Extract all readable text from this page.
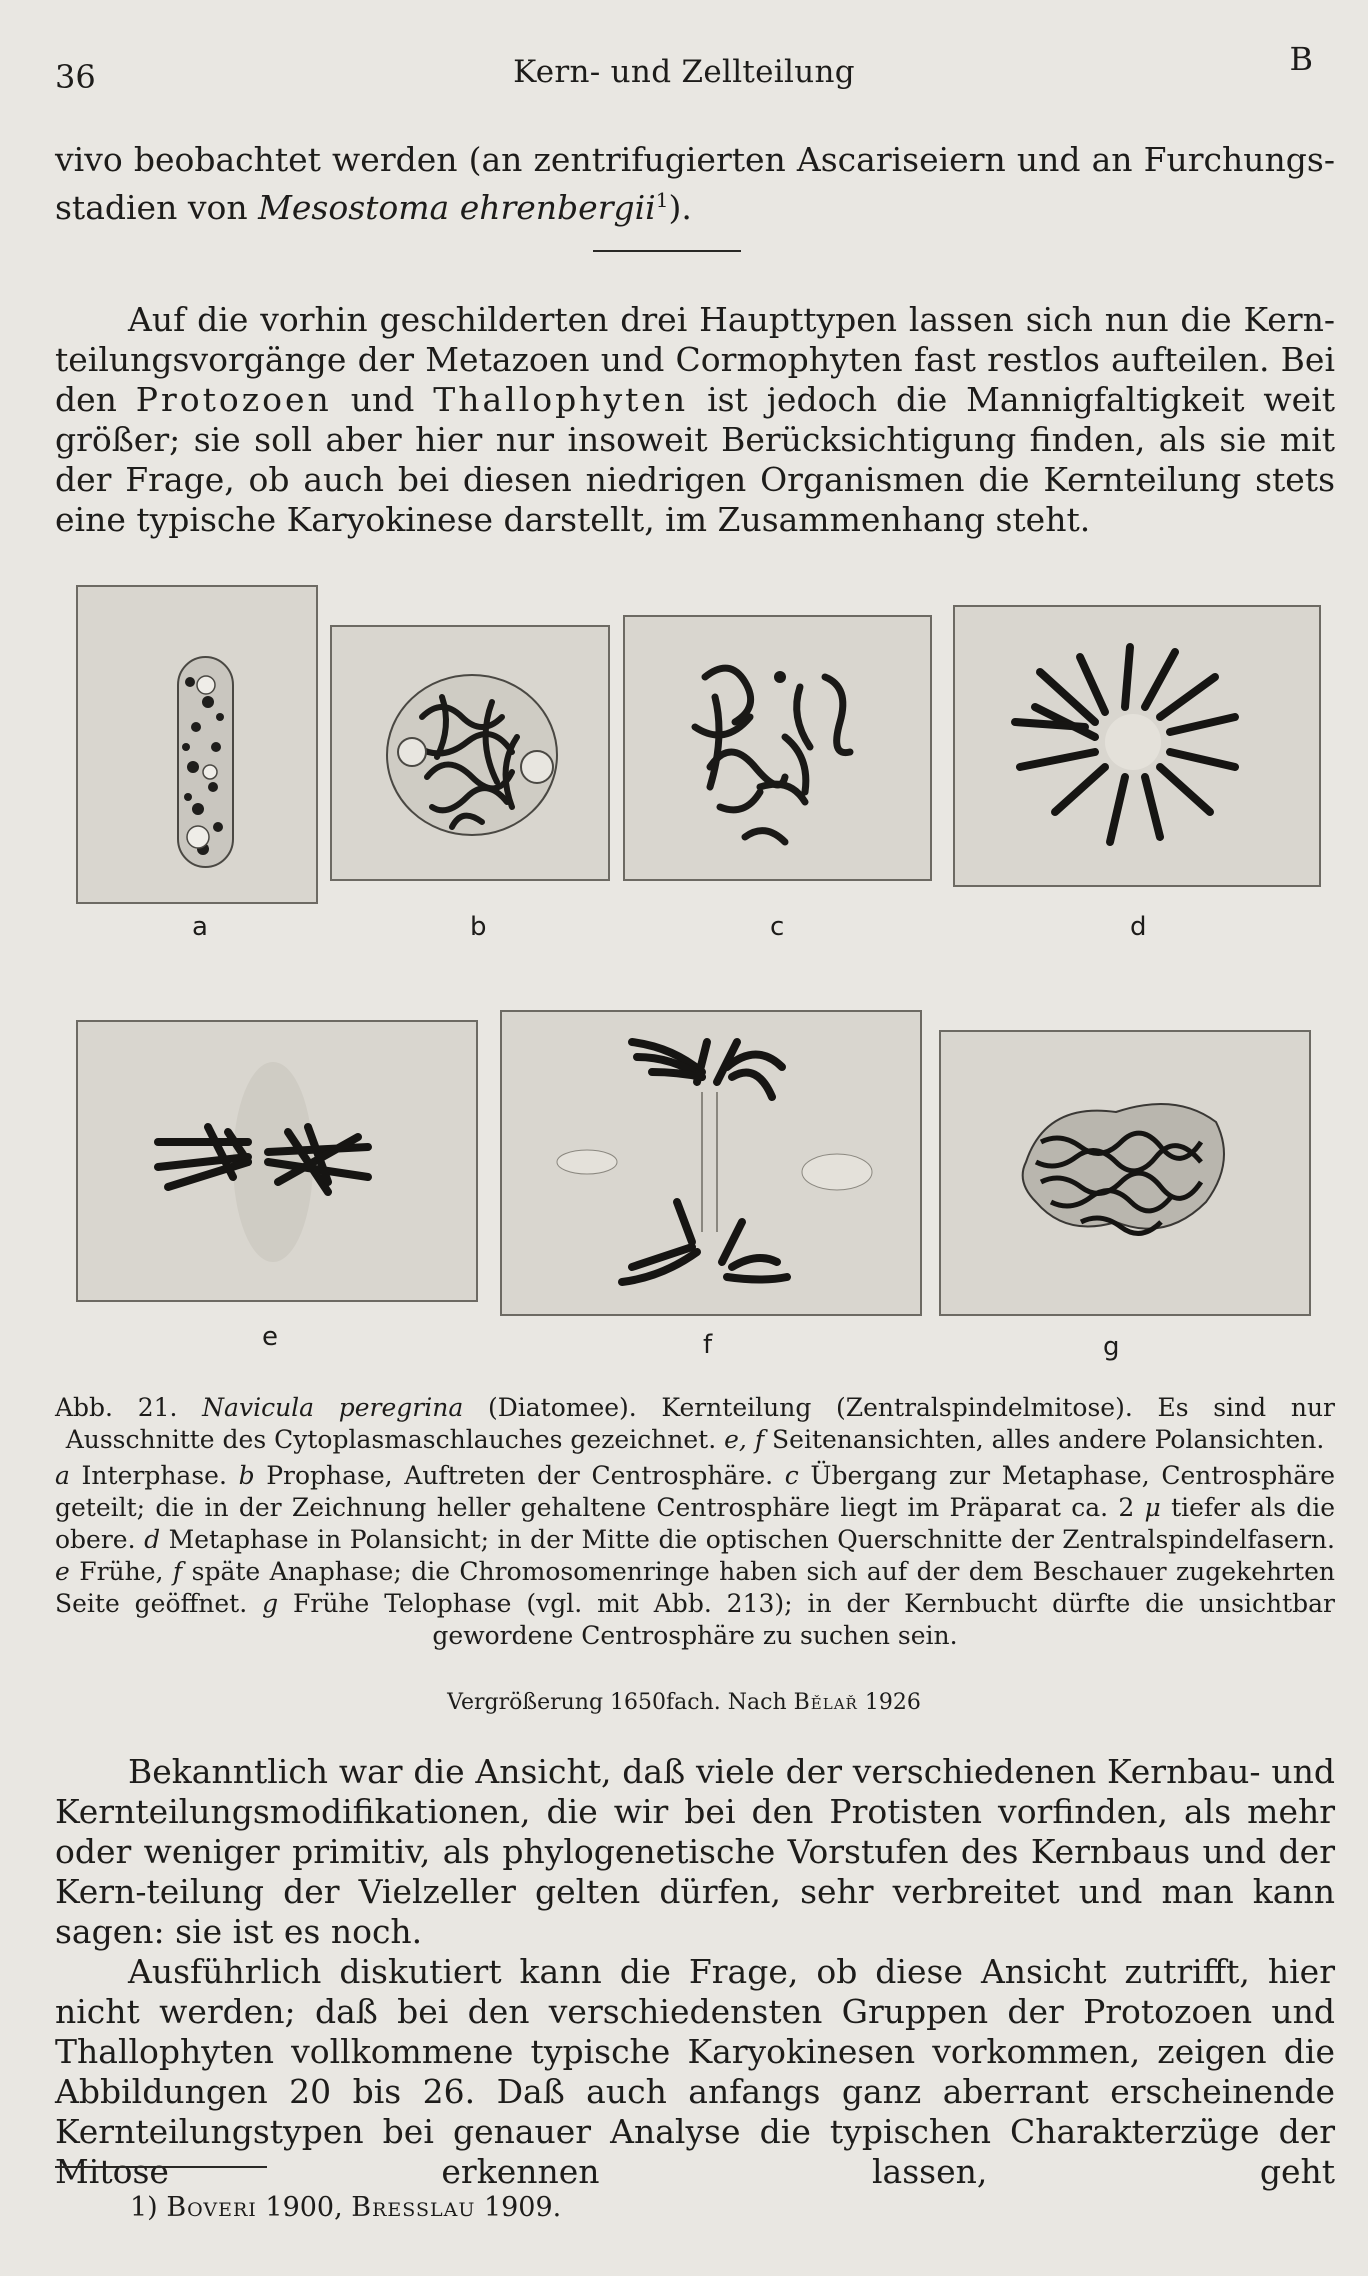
36	Kern- und Zellteilung	B

vivo beobachtet werden (an zentrifugierten Ascariseiern und an Furchungs-stadien von Mesostoma ehrenbergii$^1$).

Auf die vorhin geschilderten drei Haupttypen lassen sich nun die Kern-teilungsvorgänge der Metazoen und Cormophyten fast restlos aufteilen. Bei den Protozoen und Thallophyten ist jedoch die Mannigfaltigkeit weit größer; sie soll aber hier nur insoweit Berücksichtigung finden, als sie mit der Frage, ob auch bei diesen niedrigen Organismen die Kernteilung stets eine typische Karyokinese darstellt, im Zusammenhang steht.

a	b	c	d
e	f	g

Abb. 21. Navicula peregrina (Diatomee). Kernteilung (Zentralspindelmitose). Es sind nur Ausschnitte des Cytoplasmaschlauches gezeichnet. e, f Seitenansichten, alles andere Polansichten.

a Interphase. b Prophase, Auftreten der Centrosphäre. c Übergang zur Metaphase, Centrosphäre geteilt; die in der Zeichnung heller gehaltene Centrosphäre liegt im Präparat ca. 2 μ tiefer als die obere. d Metaphase in Polansicht; in der Mitte die optischen Querschnitte der Zentralspindelfasern. e Frühe, f späte Anaphase; die Chromosomenringe haben sich auf der dem Beschauer zugekehrten Seite geöffnet. g Frühe Telophase (vgl. mit Abb. 213); in der Kernbucht dürfte die unsichtbar gewordene Centrosphäre zu suchen sein.

Vergrößerung 1650fach. Nach Bělař 1926

Bekanntlich war die Ansicht, daß viele der verschiedenen Kernbau- und Kernteilungsmodifikationen, die wir bei den Protisten vorfinden, als mehr oder weniger primitiv, als phylogenetische Vorstufen des Kernbaus und der Kern-teilung der Vielzeller gelten dürfen, sehr verbreitet und man kann sagen: sie ist es noch.

Ausführlich diskutiert kann die Frage, ob diese Ansicht zutrifft, hier nicht werden; daß bei den verschiedensten Gruppen der Protozoen und Thallophyten vollkommene typische Karyokinesen vorkommen, zeigen die Abbildungen 20 bis 26. Daß auch anfangs ganz aberrant erscheinende Kernteilungstypen bei genauer Analyse die typischen Charakterzüge der Mitose erkennen lassen, geht

1) Boveri 1900, Bresslau 1909.
